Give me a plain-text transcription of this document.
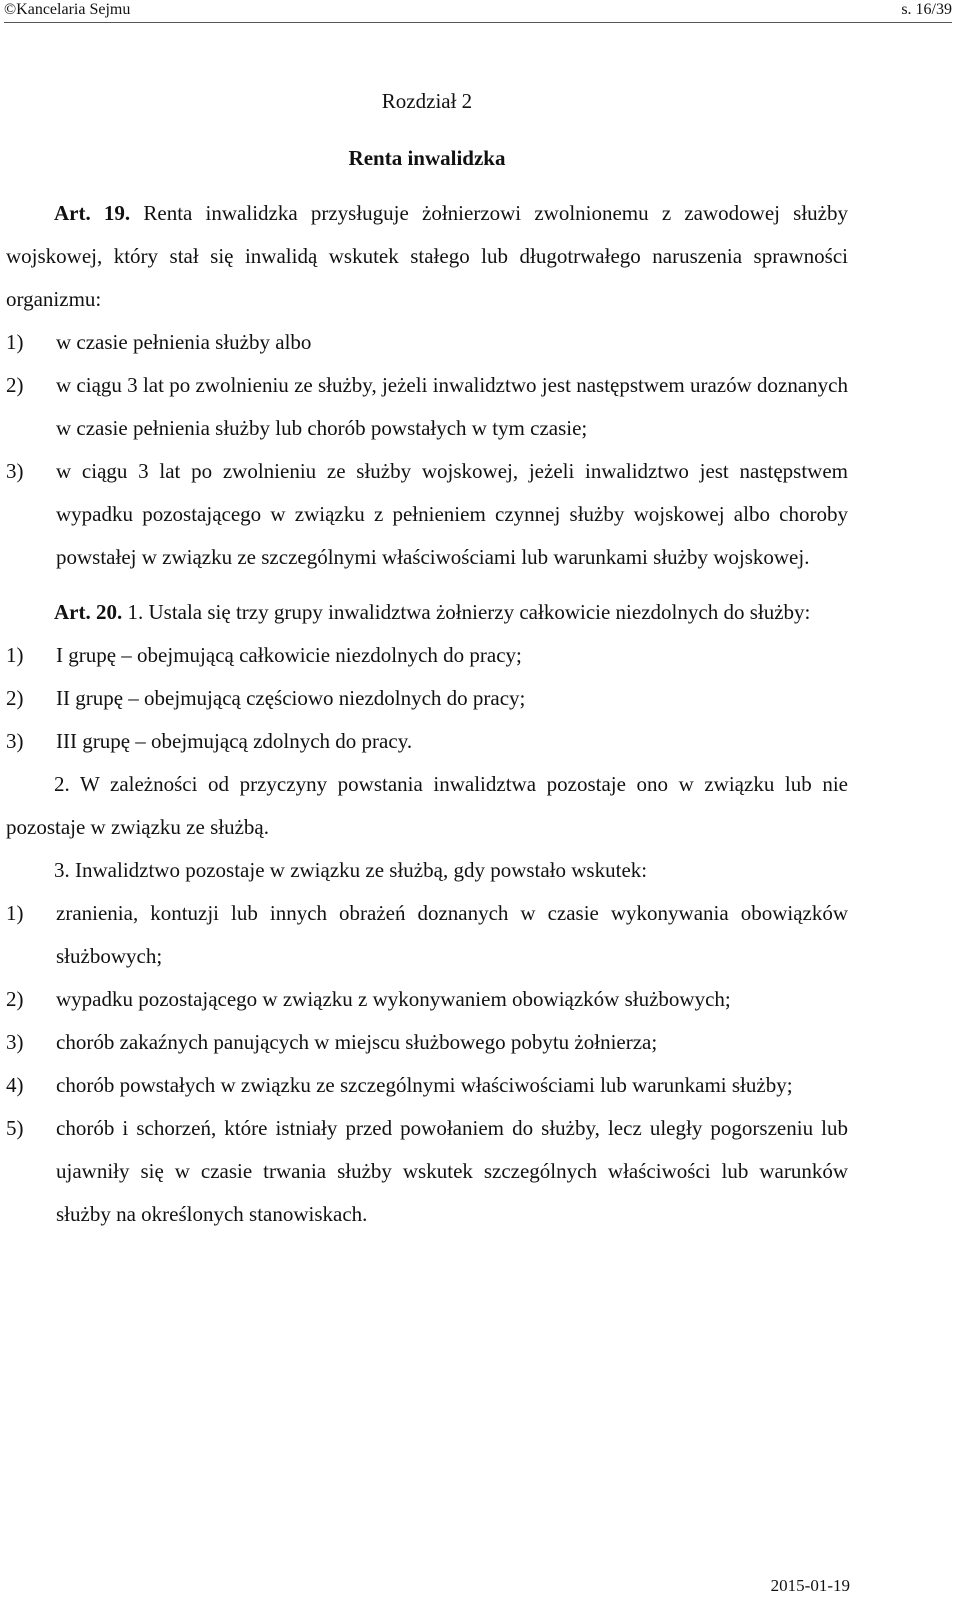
©Kancelaria Sejmu	s. 16/39

Rozdział 2

Renta inwalidzka

Art. 19. Renta inwalidzka przysługuje żołnierzowi zwolnionemu z zawodowej służby wojskowej, który stał się inwalidą wskutek stałego lub długotrwałego naruszenia sprawności organizmu:

1) w czasie pełnienia służby albo
2) w ciągu 3 lat po zwolnieniu ze służby, jeżeli inwalidztwo jest następstwem urazów doznanych w czasie pełnienia służby lub chorób powstałych w tym czasie;
3) w ciągu 3 lat po zwolnieniu ze służby wojskowej, jeżeli inwalidztwo jest następstwem wypadku pozostającego w związku z pełnieniem czynnej służby wojskowej albo choroby powstałej w związku ze szczególnymi właściwościami lub warunkami służby wojskowej.

Art. 20. 1. Ustala się trzy grupy inwalidztwa żołnierzy całkowicie niezdolnych do służby:

1) I grupę – obejmującą całkowicie niezdolnych do pracy;
2) II grupę – obejmującą częściowo niezdolnych do pracy;
3) III grupę – obejmującą zdolnych do pracy.

2. W zależności od przyczyny powstania inwalidztwa pozostaje ono w związku lub nie pozostaje w związku ze służbą.

3. Inwalidztwo pozostaje w związku ze służbą, gdy powstało wskutek:

1) zranienia, kontuzji lub innych obrażeń doznanych w czasie wykonywania obowiązków służbowych;
2) wypadku pozostającego w związku z wykonywaniem obowiązków służbowych;
3) chorób zakaźnych panujących w miejscu służbowego pobytu żołnierza;
4) chorób powstałych w związku ze szczególnymi właściwościami lub warunkami służby;
5) chorób i schorzeń, które istniały przed powołaniem do służby, lecz uległy pogorszeniu lub ujawniły się w czasie trwania służby wskutek szczególnych właściwości lub warunków służby na określonych stanowiskach.
2015-01-19
